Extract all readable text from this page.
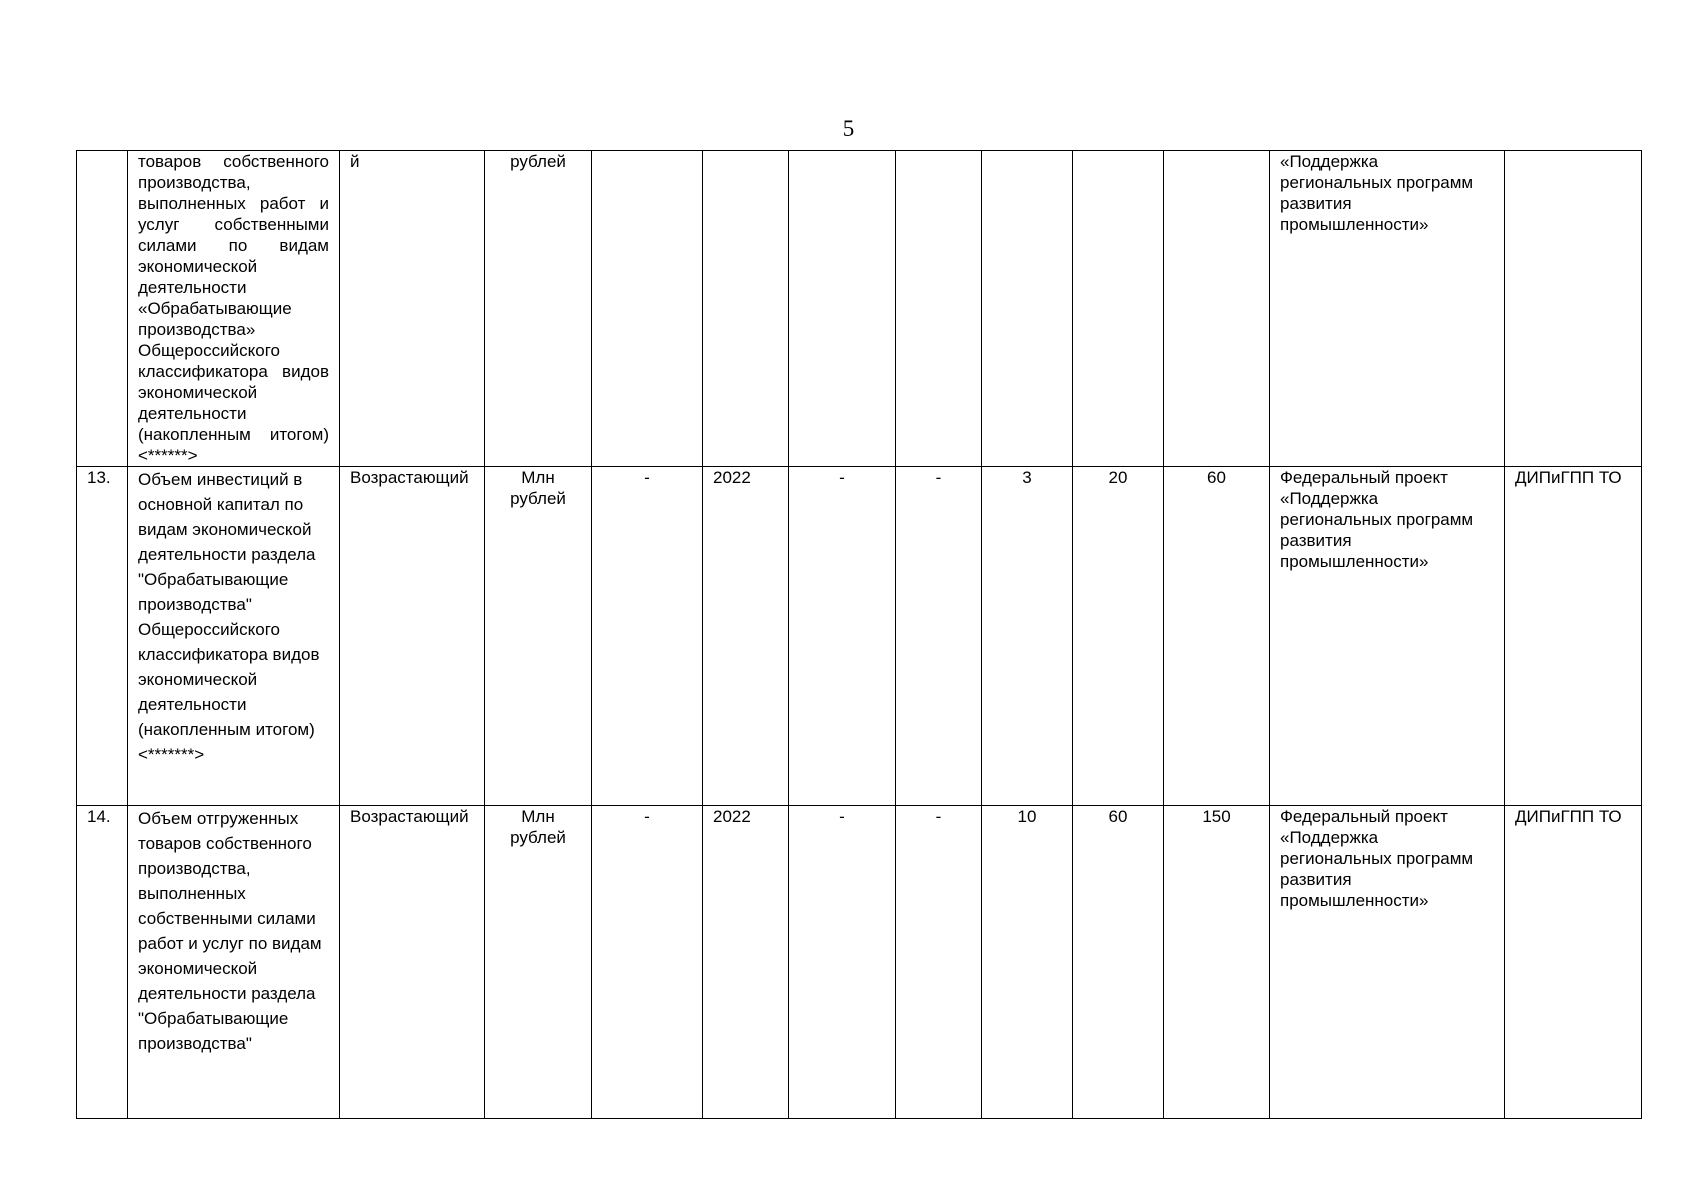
5
	товаров собственного производства, выполненных работ и услуг собственными силами по видам экономической деятельности «Обрабатывающие производства» Общероссийского классификатора видов экономической деятельности (накопленным итогом) <******>	й	рублей								«Поддержка региональных программ развития промышленности»	
13.	Объем инвестиций в основной капитал по видам экономической деятельности раздела "Обрабатывающие производства" Общероссийского классификатора видов экономической деятельности (накопленным итогом) <*******>	Возрастающий	Млн рублей	-	2022	-	-	3	20	60	Федеральный проект «Поддержка региональных программ развития промышленности»	ДИПиГПП ТО
14.	Объем отгруженных товаров собственного производства, выполненных собственными силами работ и услуг по видам экономической деятельности раздела "Обрабатывающие производства"	Возрастающий	Млн рублей	-	2022	-	-	10	60	150	Федеральный проект «Поддержка региональных программ развития промышленности»	ДИПиГПП ТО
